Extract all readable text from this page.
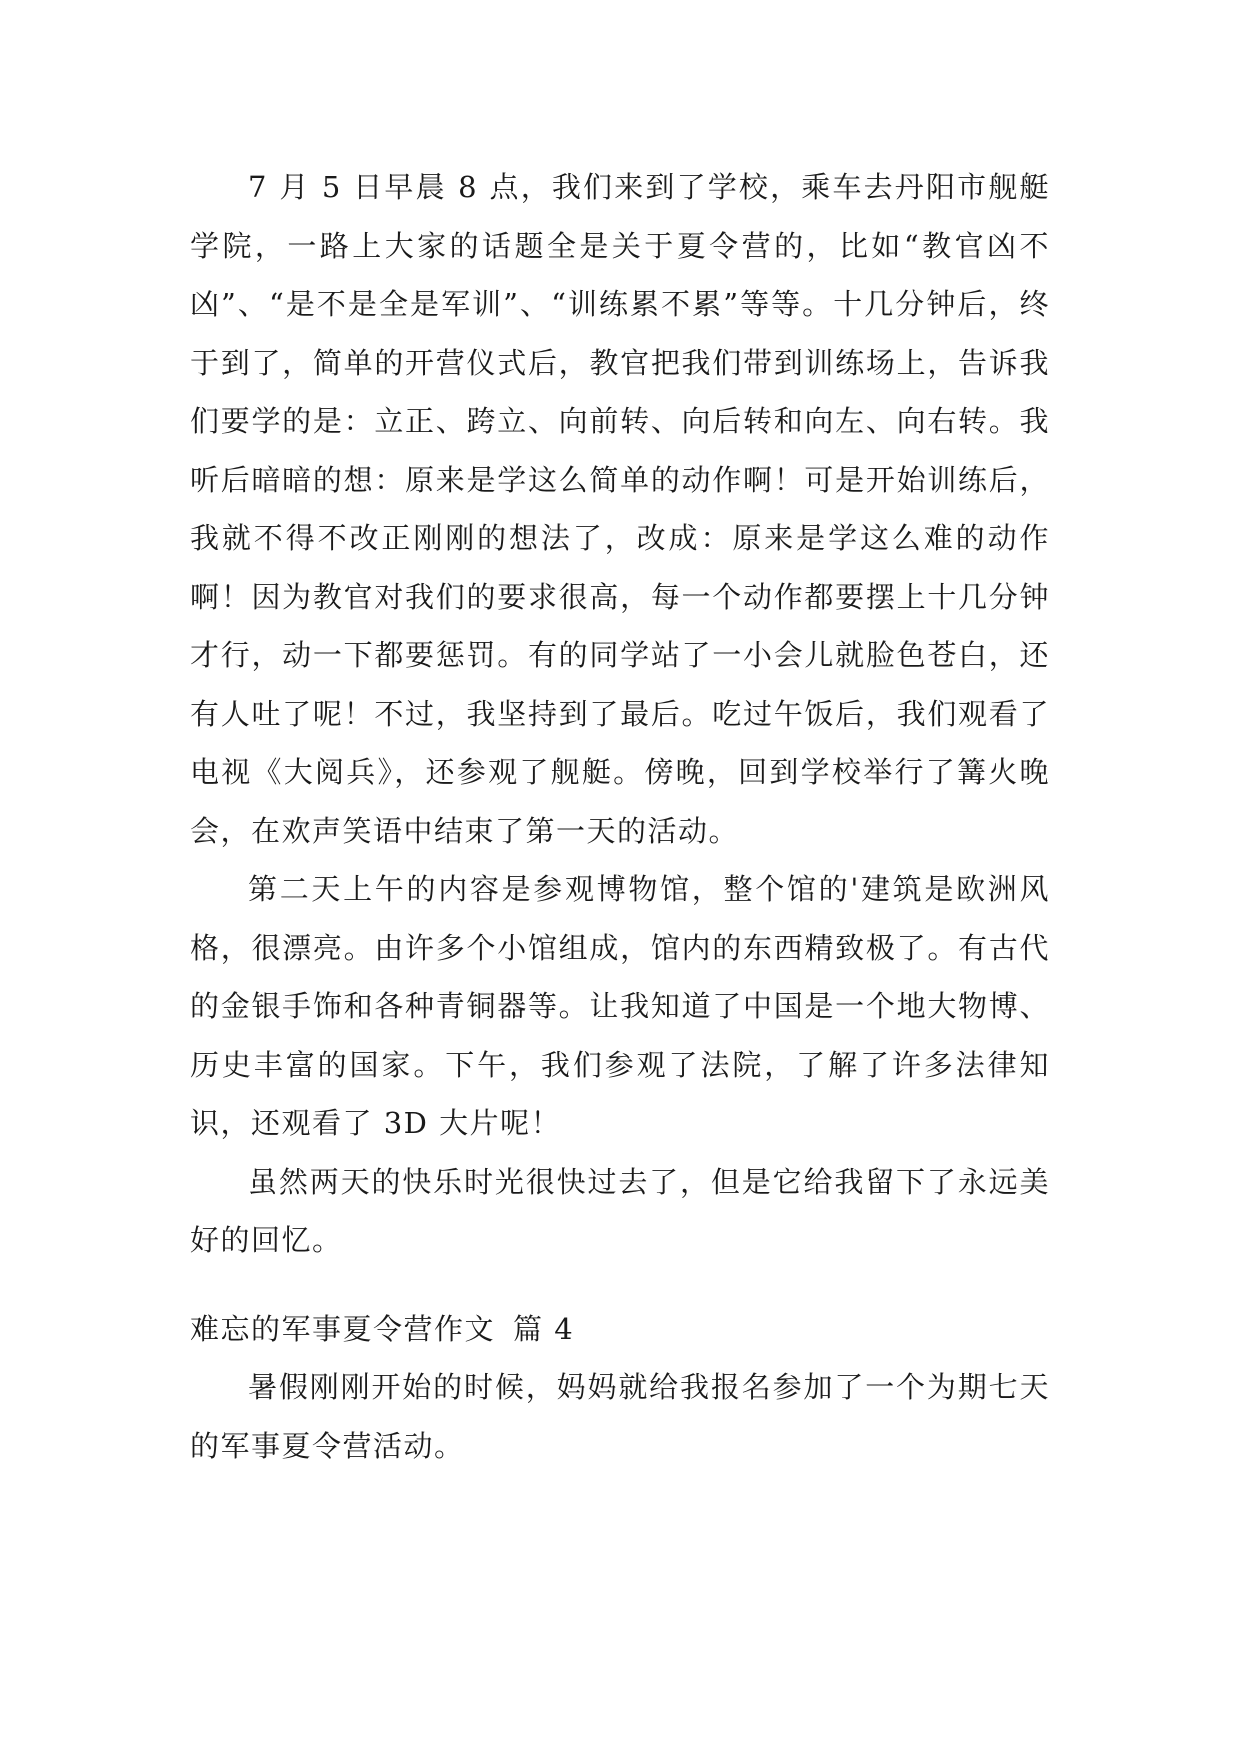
7 月 5 日早晨 8 点，我们来到了学校，乘车去丹阳市舰艇学院，一路上大家的话题全是关于夏令营的，比如“教官凶不凶”、“是不是全是军训”、“训练累不累”等等。十几分钟后，终于到了，简单的开营仪式后，教官把我们带到训练场上，告诉我们要学的是：立正、跨立、向前转、向后转和向左、向右转。我听后暗暗的想：原来是学这么简单的动作啊！可是开始训练后，我就不得不改正刚刚的想法了，改成：原来是学这么难的动作啊！因为教官对我们的要求很高，每一个动作都要摆上十几分钟才行，动一下都要惩罚。有的同学站了一小会儿就脸色苍白，还有人吐了呢！不过，我坚持到了最后。吃过午饭后，我们观看了电视《大阅兵》，还参观了舰艇。傍晚，回到学校举行了篝火晚会，在欢声笑语中结束了第一天的活动。

第二天上午的内容是参观博物馆，整个馆的'建筑是欧洲风格，很漂亮。由许多个小馆组成，馆内的东西精致极了。有古代的金银手饰和各种青铜器等。让我知道了中国是一个地大物博、历史丰富的国家。下午，我们参观了法院，了解了许多法律知识，还观看了 3D 大片呢！

虽然两天的快乐时光很快过去了，但是它给我留下了永远美好的回忆。

难忘的军事夏令营作文 篇 4

暑假刚刚开始的时候，妈妈就给我报名参加了一个为期七天的军事夏令营活动。
